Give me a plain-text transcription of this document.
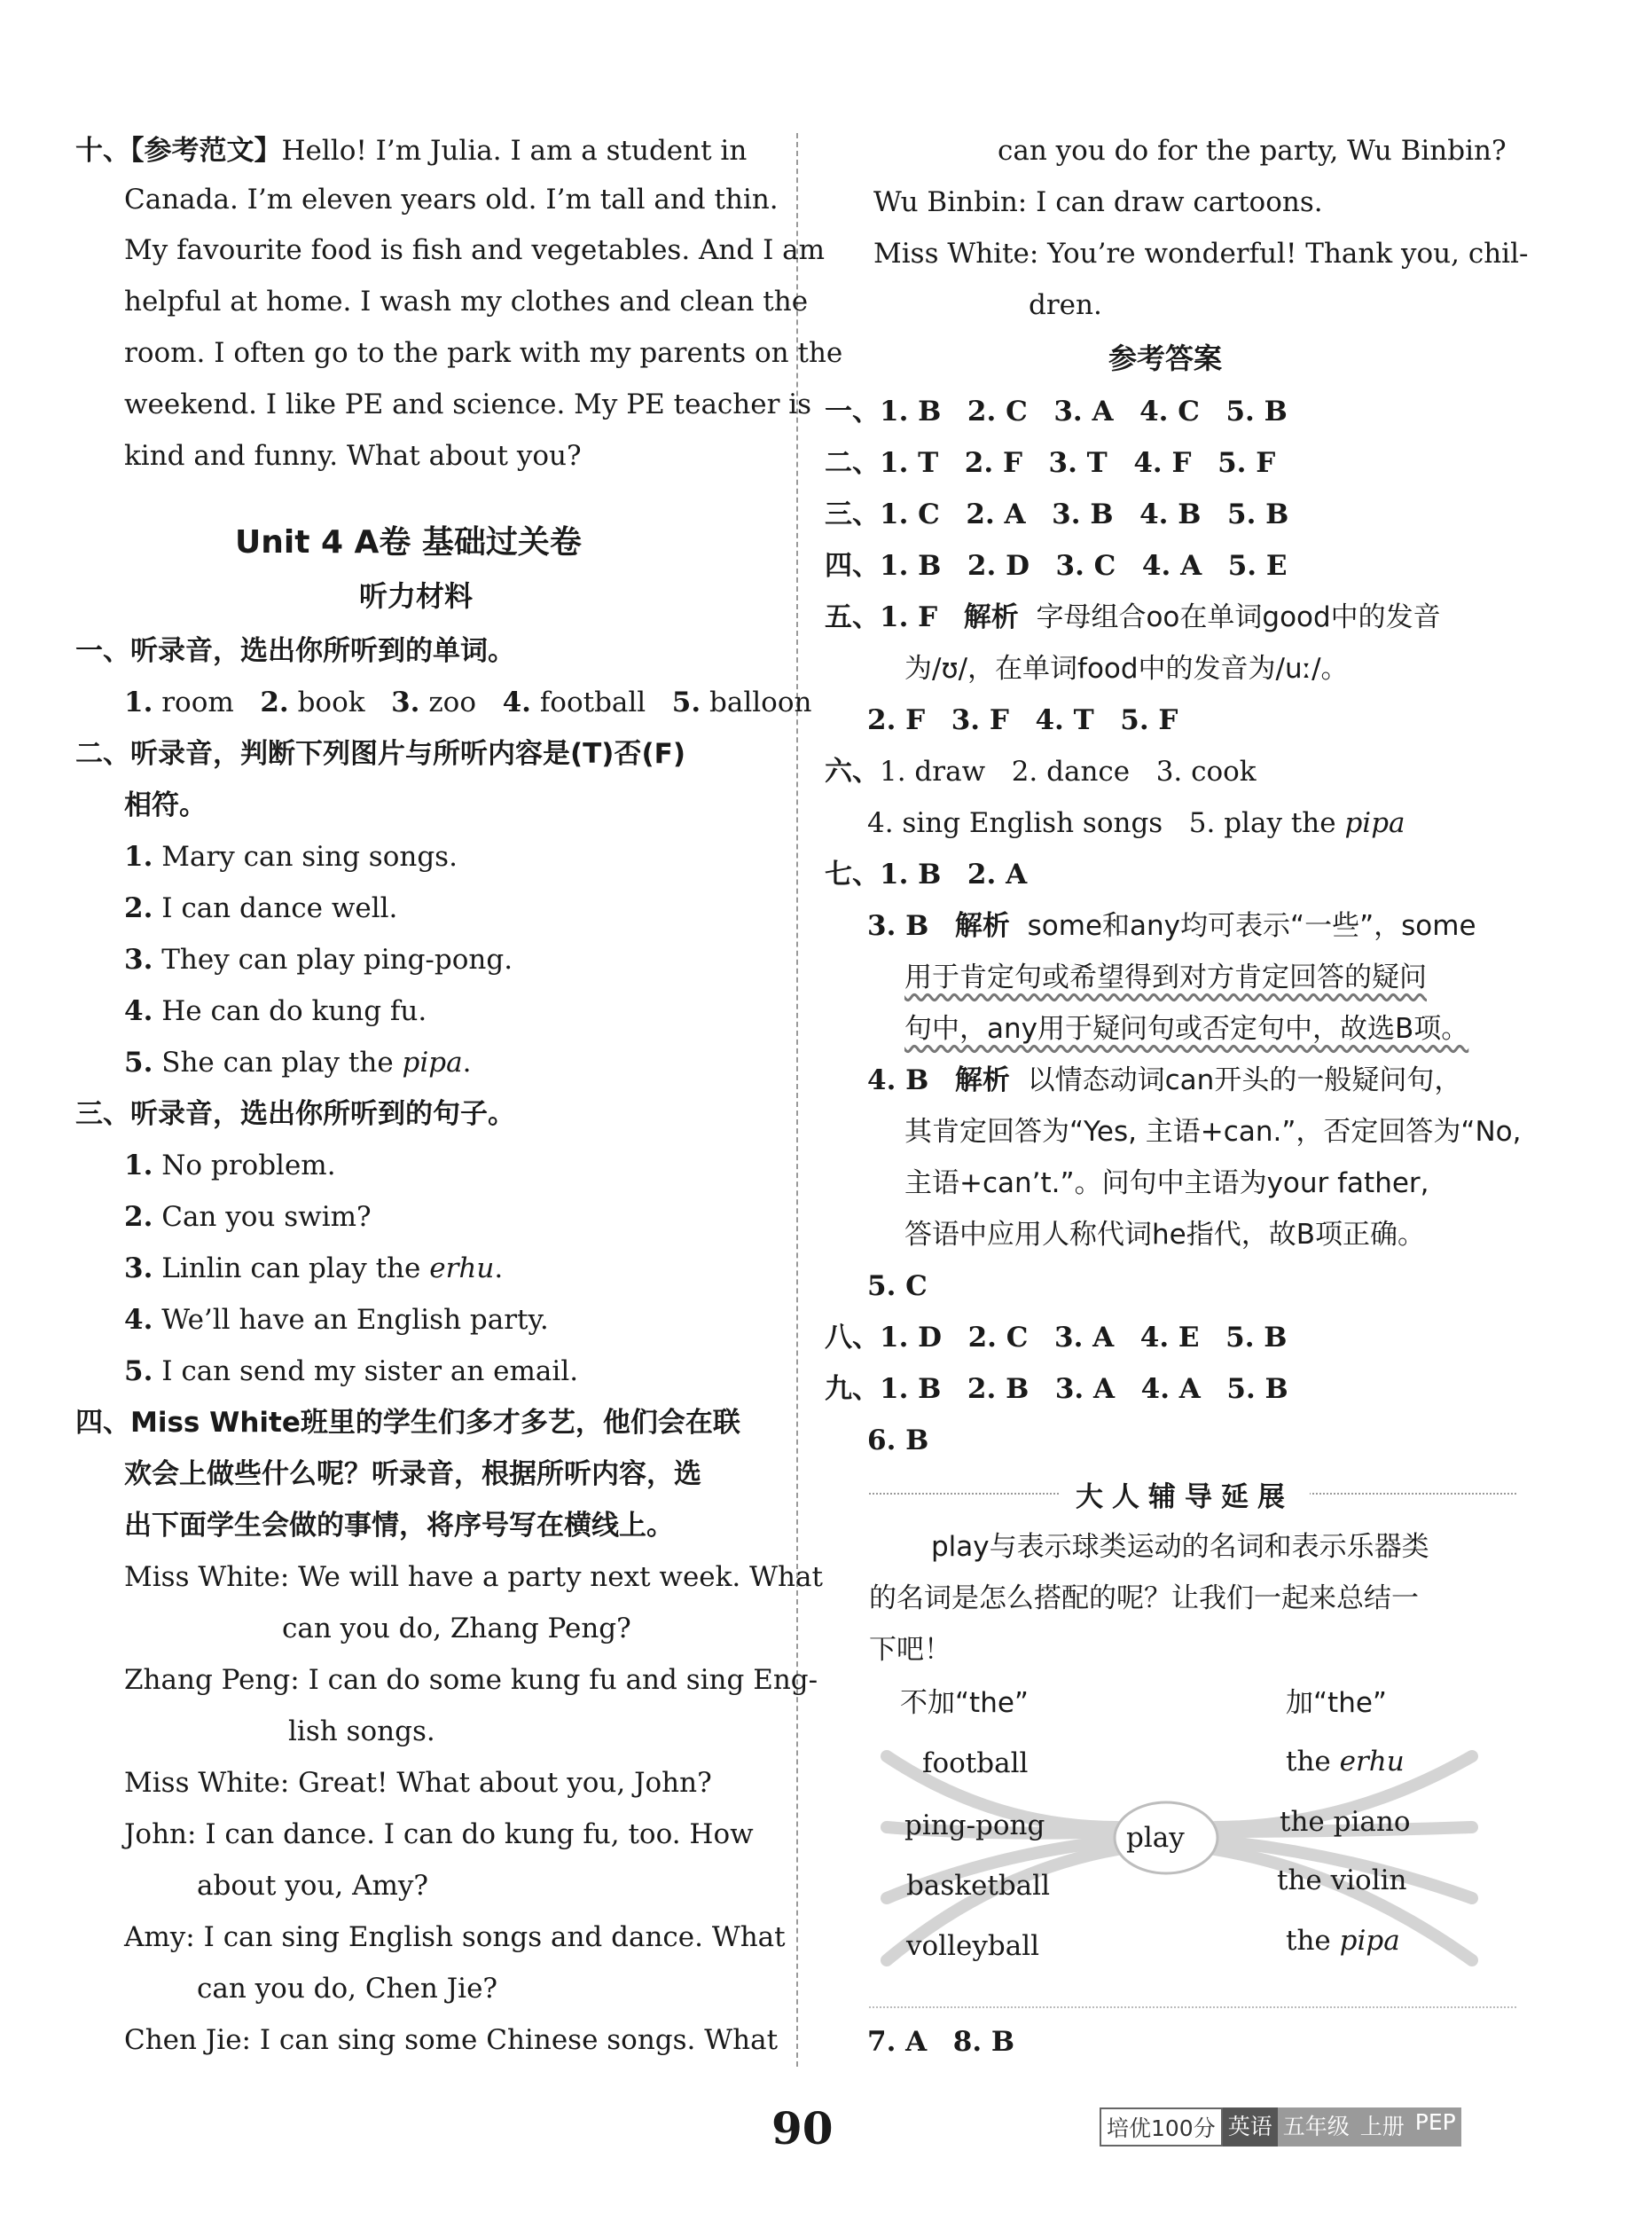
十、【参考范文】Hello! I’m Julia. I am a student in
Canada. I’m eleven years old. I’m tall and thin.
My favourite food is fish and vegetables. And I am
helpful at home. I wash my clothes and clean the
room. I often go to the park with my parents on the
weekend. I like PE and science. My PE teacher is
kind and funny. What about you?
Unit 4 A卷 基础过关卷
听力材料
一、听录音，选出你所听到的单词。
1. room 2. book 3. zoo 4. football 5. balloon
二、听录音，判断下列图片与所听内容是(T)否(F)
相符。
1. Mary can sing songs.
2. I can dance well.
3. They can play ping-pong.
4. He can do kung fu.
5. She can play the pipa.
三、听录音，选出你所听到的句子。
1. No problem.
2. Can you swim?
3. Linlin can play the erhu.
4. We’ll have an English party.
5. I can send my sister an email.
四、Miss White班里的学生们多才多艺，他们会在联
欢会上做些什么呢？听录音，根据所听内容，选
出下面学生会做的事情，将序号写在横线上。
Miss White: We will have a party next week. What
can you do, Zhang Peng?
Zhang Peng: I can do some kung fu and sing Eng-
lish songs.
Miss White: Great! What about you, John?
John: I can dance. I can do kung fu, too. How
about you, Amy?
Amy: I can sing English songs and dance. What
can you do, Chen Jie?
Chen Jie: I can sing some Chinese songs. What
can you do for the party, Wu Binbin?
Wu Binbin: I can draw cartoons.
Miss White: You’re wonderful! Thank you, chil-
dren.
参考答案
一、1. B 2. C 3. A 4. C 5. B
二、1. T 2. F 3. T 4. F 5. F
三、1. C 2. A 3. B 4. B 5. B
四、1. B 2. D 3. C 4. A 5. E
五、1. F 解析 字母组合oo在单词good中的发音
为/ʊ/，在单词food中的发音为/uː/。
2. F 3. F 4. T 5. F
六、1. draw 2. dance 3. cook
4. sing English songs 5. play the pipa
七、1. B 2. A
3. B 解析 some和any均可表示“一些”，some
用于肯定句或希望得到对方肯定回答的疑问
句中，any用于疑问句或否定句中，故选B项。
4. B 解析 以情态动词can开头的一般疑问句，
其肯定回答为“Yes, 主语+can.”，否定回答为“No,
主语+can’t.”。问句中主语为your father,
答语中应用人称代词he指代，故B项正确。
5. C
八、1. D 2. C 3. A 4. E 5. B
九、1. B 2. B 3. A 4. A 5. B
6. B
大人辅导延展
play与表示球类运动的名词和表示乐器类
的名词是怎么搭配的呢？让我们一起来总结一
下吧！
不加“the”	加“the”
play
football
ping-pong
basketball
volleyball
the erhu
the piano
the violin
the pipa
7. A 8. B
90	培优100分 英语 五年级 上册 PEP
